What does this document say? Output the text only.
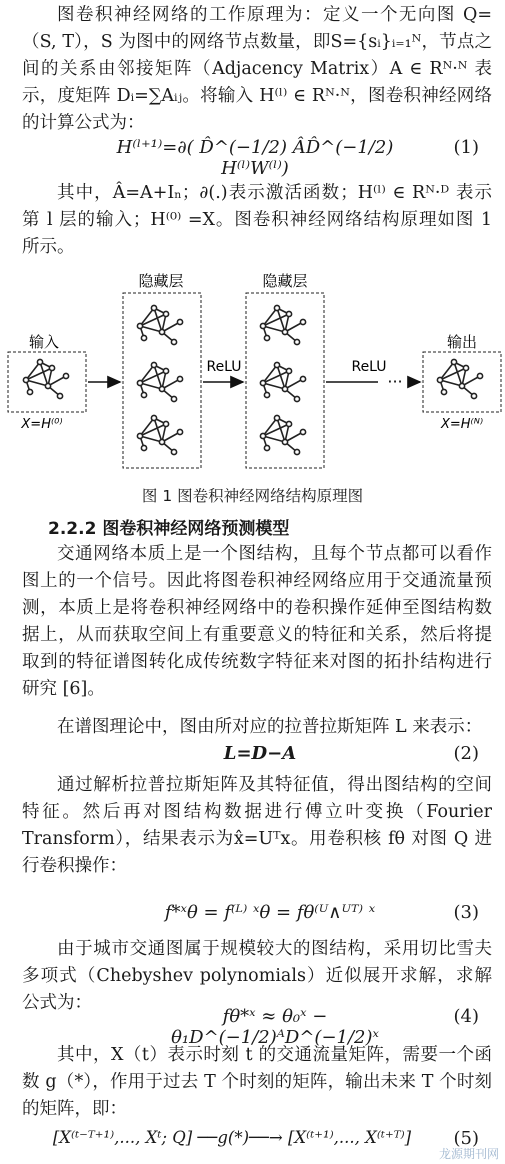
图卷积神经网络的工作原理为：定义一个无向图 Q=（S, T），S 为图中的网络节点数量，即S={sᵢ}ᵢ₌₁ᴺ，节点之间的关系由邻接矩阵（Adjacency Matrix）A ∈ Rᴺ·ᴺ 表示，度矩阵 Dᵢ=∑Aᵢⱼ。将输入 H⁽ˡ⁾ ∈ Rᴺ·ᴺ，图卷积神经网络的计算公式为：

H⁽ˡ⁺¹⁾=∂( D̂^(−1/2) ÂD̂^(−1/2) H⁽ˡ⁾W⁽ˡ⁾)
(1)

其中，Â=A+Iₙ；∂(.)表示激活函数；H⁽ˡ⁾ ∈ Rᴺ·ᴰ 表示第 l 层的输入；H⁽⁰⁾ =X。图卷积神经网络结构原理如图 1 所示。

输入
X=H⁽⁰⁾
隐藏层
ReLU
隐藏层
ReLU
···
输出
X=H⁽ᴺ⁾
图 1 图卷积神经网络结构原理图
2.2.2 图卷积神经网络预测模型

交通网络本质上是一个图结构，且每个节点都可以看作图上的一个信号。因此将图卷积神经网络应用于交通流量预测，本质上是将卷积神经网络中的卷积操作延伸至图结构数据上，从而获取空间上有重要意义的特征和关系，然后将提取到的特征谱图转化成传统数字特征来对图的拓扑结构进行研究 [6]。

在谱图理论中，图由所对应的拉普拉斯矩阵 L 来表示：

L=D−A	(2)

通过解析拉普拉斯矩阵及其特征值，得出图结构的空间特征。然后再对图结构数据进行傅立叶变换（Fourier Transform），结果表示为x̂=Uᵀx。用卷积核 fθ 对图 Q 进行卷积操作：

f*ˣθ = f⁽ᴸ⁾ ˣθ = fθ⁽ᵁ∧ᵁᵀ⁾ ˣ	(3)

由于城市交通图属于规模较大的图结构，采用切比雪夫多项式（Chebyshev polynomials）近似展开求解，求解公式为：

fθ*ˣ ≈ θ₀ˣ − θ₁D^(−1/2)ᴬD^(−1/2)ˣ
(4)

其中，X（t）表示时刻 t 的交通流量矩阵，需要一个函数 g（*），作用于过去 T 个时刻的矩阵，输出未来 T 个时刻的矩阵，即：

[X⁽ᵗ⁻ᵀ⁺¹⁾,..., Xᵗ; Q] ──g(*)──→ [X⁽ᵗ⁺¹⁾,..., X⁽ᵗ⁺ᵀ⁾]	(5)
龙源期刊网
